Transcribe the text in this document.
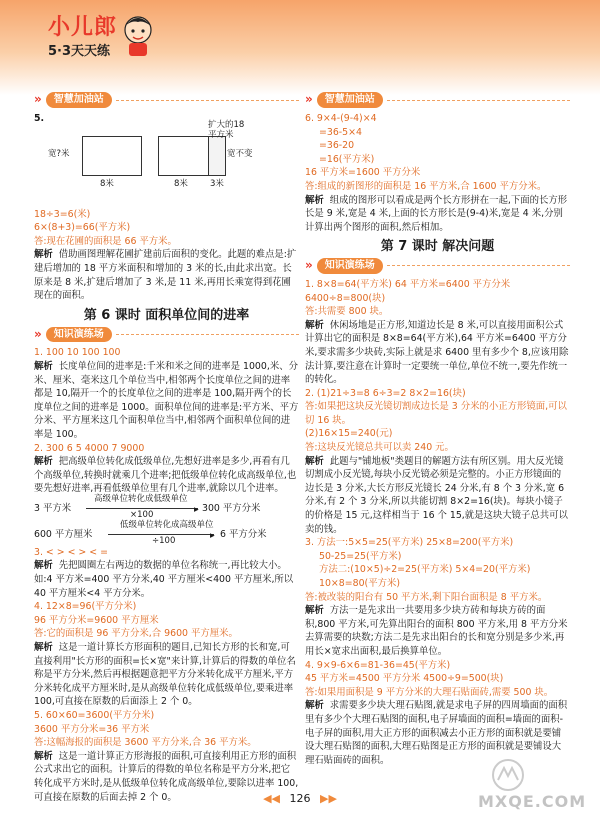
小儿郎
5·3天天练
»	智慧加油站

5.

宽?米
8米
扩大的18
平方米
宽不变
8米	3米

18÷3=6(米)

6×(8+3)=66(平方米)

答:现在花圃的面积是 66 平方米。

解析 借助画图理解花圃扩建前后面积的变化。此题的难点是:扩建后增加的 18 平方米面积和增加的 3 米的长,由此求出宽。长原来是 8 米,扩建后增加了 3 米,是 11 米,再用长乘宽得到花圃现在的面积。

第 6 课时 面积单位间的进率
»	知识演练场

1. 100 10 100 100

解析 长度单位间的进率是:千米和米之间的进率是 1000,米、分米、厘米、毫米这几个单位当中,相邻两个长度单位之间的进率都是 10,隔开一个的长度单位之间的进率是 100,隔开两个的长度单位之间的进率是 1000。面积单位间的进率是:平方米、平方分米、平方厘米这几个面积单位当中,相邻两个面积单位间的进率是 100。

2. 300 6 5 4000 7 9000

解析 把高级单位转化成低级单位,先想好进率是多少,再看有几个高级单位,转换时就乘几个进率;把低级单位转化成高级单位,也要先想好进率,再看低级单位里有几个进率,就除以几个进率。

3 平方米
高级单位转化成低级单位
▸
×100
300 平方分米
600 平方厘米
低级单位转化成高级单位
▸
÷100
6 平方分米

3. < > < > < =

解析 先把圆圈左右两边的数据的单位名称统一,再比较大小。如:4 平方米=400 平方分米,40 平方厘米<400 平方厘米,所以 40 平方厘米<4 平方分米。

4. 12×8=96(平方分米)

96 平方分米=9600 平方厘米

答:它的面积是 96 平方分米,合 9600 平方厘米。

解析 这是一道计算长方形面积的题目,已知长方形的长和宽,可直接利用"长方形的面积=长×宽"来计算,计算后的得数的单位名称是平方分米,然后再根据题意把平方分米转化成平方厘米,平方分米转化成平方厘米时,是从高级单位转化成低级单位,要乘进率 100,可直接在原数的后面添上 2 个 0。

5. 60×60=3600(平方分米)

3600 平方分米=36 平方米

答:这幅海报的面积是 3600 平方分米,合 36 平方米。

解析 这是一道计算正方形海报的面积,可直接利用正方形的面积公式求出它的面积。计算后的得数的单位名称是平方分米,把它转化成平方米时,是从低级单位转化成高级单位,要除以进率 100,可直接在原数的后面去掉 2 个 0。

»	智慧加油站

6. 9×4-(9-4)×4

=36-5×4

=36-20

=16(平方米)

16 平方米=1600 平方分米

答:组成的新图形的面积是 16 平方米,合 1600 平方分米。

解析 组成的图形可以看成是两个长方形拼在一起,下面的长方形长是 9 米,宽是 4 米,上面的长方形长是(9-4)米,宽是 4 米,分别计算出两个图形的面积,然后相加。

第 7 课时 解决问题
»	知识演练场

1. 8×8=64(平方米) 64 平方米=6400 平方分米

6400÷8=800(块)

答:共需要 800 块。

解析 休闲场地是正方形,知道边长是 8 米,可以直接用面积公式计算出它的面积是 8×8=64(平方米),64 平方米=6400 平方分米,要求需多少块砖,实际上就是求 6400 里有多少个 8,应该用除法计算,要注意在计算时一定要统一单位,单位不统一,要先作统一的转化。

2. (1)21÷3=8 6÷3=2 8×2=16(块)

答:如果把这块反光镜切割成边长是 3 分米的小正方形镜面,可以切 16 块。

(2)16×15=240(元)

答:这块反光镜总共可以卖 240 元。

解析 此题与"铺地板"类题目的解题方法有所区别。用大反光镜切割成小反光镜,每块小反光镜必须是完整的。小正方形镜面的边长是 3 分米,大长方形反光镜长 24 分米,有 8 个 3 分米,宽 6 分米,有 2 个 3 分米,所以共能切割 8×2=16(块)。每块小镜子的价格是 15 元,这样相当于 16 个 15,就是这块大镜子总共可以卖的钱。

3. 方法一:5×5=25(平方米) 25×8=200(平方米)

50-25=25(平方米)

方法二:(10×5)÷2=25(平方米) 5×4=20(平方米)

10×8=80(平方米)

答:被改装的阳台有 50 平方米,剩下阳台面积是 8 平方米。

解析 方法一是先求出一共要用多少块方砖和每块方砖的面积,800 平方米,可先算出阳台的面积 800 平方米,用 8 平方分米去算需要的块数;方法二是先求出阳台的长和宽分别是多少米,再用长×宽求出面积,最后换算单位。

4. 9×9-6×6=81-36=45(平方米)

45 平方米=4500 平方分米 4500÷9=500(块)

答:如果用面积是 9 平方分米的大理石贴面砖,需要 500 块。

解析 求需要多少块大理石贴图,就是求电子屏的四周墙面的面积里有多少个大理石贴图的面积,电子屏墙面的面积=墙面的面积-电子屏的面积,用大正方形的面积减去小正方形的面积就是要铺设大理石贴图的面积,大理石贴图是正方形的面积就是要铺设大理石贴面砖的面积。

◀◀ 126 ▶▶	MXQE.COM
